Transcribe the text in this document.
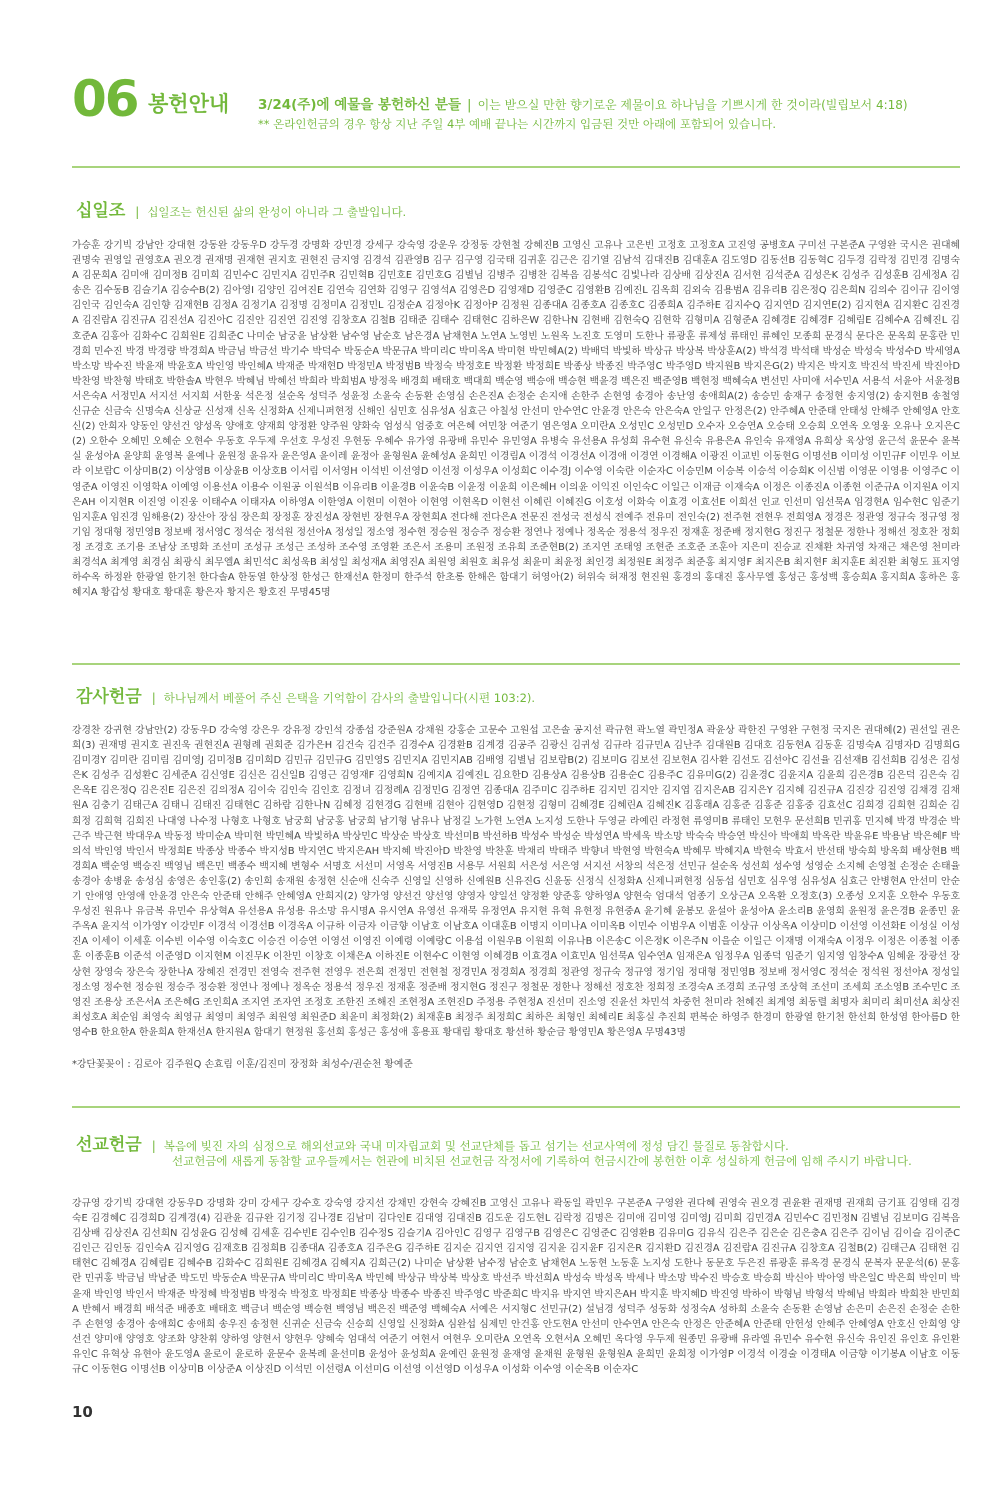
06 봉헌안내 3/24(주)에 예물을 봉헌하신 분들 | 이는 받으실 만한 향기로운 제물이요 하나님을 기쁘시게 한 것이라(빌립보서 4:18)
** 온라인헌금의 경우 항상 지난 주일 4부 예배 끝나는 시간까지 입금된 것만 아래에 포함되어 있습니다.
십일조 | 십일조는 헌신된 삶의 완성이 아니라 그 출발입니다.
가승훈 강기빅 강남안 강대현 강동완 강동우D 강두경 강명화 강민경 강세구 강숙영 강운우 강정동 강현철 강혜진B 고영신 고유나 고은빈 고정호 고정호A 고진영 공병호A 구미선 구본준A 구영완 국시은 권대혜 권명숙 권영일 권영호A 권오경 권재명 권재현 권지호 권현진 금지영 김경석 김관영B 김구 김구영 김국태 김귀훈 김근은 김기열 김남석 김대진B 김대훈A 김도영D 김동선B 김동혁C 김두경 김락정 김민경 김명숙A 김문희A 김미애 김미정B 김미희 김민수C 김민지A 김민주R 김민혁B 김민호E 김민호G 김별님 김병주 김병찬 김복음 김봉석C 김빛나라 김상배 김상진A 김서현 김석준A 김성은K 김성주 김성훈B 김세정A 김송은 김수동B 김슬기A 김승수B(2) 김아영I 김양인 김여진E 김연숙 김연화 김영구 김영석A 김영은D 김영재D 김영준C 김영환B 김예진L 김옥희 김외숙 김용범A 김유리B 김은정Q 김은희N 김의수 김이규 김이영 김인국 김인숙A 김인향 김재현B 김정A 김정기A 김정명 김정미A 김정민L 김정순A 김정아K 김정아P 김정원 김종대A 김종호A 김종호C 김종희A 김주하E 김지수Q 김지연D 김지연E(2) 김지현A 김지환C 김진경A 김진람A 김진규A 김진선A 김진아C 김진안 김진연 김진영 김창호A 김철B 김태준 김태수 김태현C 김하은W 김한나N 김현배 김현숙Q 김현학 김형미A 김형준A 김혜경E 김혜경F 김혜림E 김혜수A 김혜진L 김호준A 김홍아 김화수C 김희원E 김희준C 나미순 남궁윤 남상환 남수영 남순호 남은경A 남채현A 노연A 노영빈 노원옥 노진호 도영미 도한나 류광훈 류제성 류태인 류혜인 모종희 문경식 문다은 문옥희 문홍란 민경희 민수진 박경 박경량 박경희A 박금님 박금선 박기수 박덕수 박동순A 박문규A 박미리C 박미옥A 박미현 박민혜A(2) 박배덕 박빛하 박상규 박상복 박상훈A(2) 박석경 박석태 박성순 박성숙 박성수D 박세영A 박소망 박수진 박윤재 박윤호A 박인영 박인혜A 박재준 박재현D 박정민A 박정범B 박정숙 박정호E 박정환 박정희E 박종상 박종진 박주영C 박주영D 박지원B 박지은G(2) 박지은 박지호 박진석 박진세 박진아D 박찬영 박찬형 박태호 박한솔A 박현우 박혜님 박혜선 박희라 박희범A 방정욱 배경희 배태호 백대희 백순영 백승애 백승현 백윤경 백은진 백준영B 백현정 백혜숙A 변선민 사미애 서수민A 서용석 서윤아 서윤정B 서은숙A 서정민A 서지선 서지희 서한웅 석은정 설순옥 성덕주 성윤정 소윤숙 손동환 손영심 손은진A 손정순 손지애 손한주 손현영 송경아 송난영 송애희A(2) 송승민 송재구 송정현 송지영(2) 송지현B 송철영 신규순 신금숙 신명숙A 신상균 신성재 신옥 신정화A 신제니퍼현정 신해인 심민호 심유성A 심효근 아칠성 안선미 안수연C 안윤경 안은숙 안은숙A 안일구 안정은(2) 안주혜A 안준태 안태성 안해주 안혜영A 안호신(2) 안희자 양동인 양선건 양성옥 양애호 양재희 양정환 양주원 양화숙 엄성식 엄중호 여은혜 여민창 여준기 염은영A 오미란A 오성민C 오성민D 오수자 오승연A 오승태 오승희 오연옥 오영웅 오유나 오지은C(2) 오한수 오혜민 오혜순 오현수 우동호 우두제 우선호 우성진 우현동 우혜수 유가영 유광배 유민수 유민영A 유병숙 유선용A 유성희 유수현 유신숙 유용은A 유인숙 유재영A 유희상 육상영 윤근석 윤문수 윤복실 윤성아A 윤양희 윤영복 윤예나 윤원정 윤유자 윤은영A 윤이레 윤정아 윤형원A 윤혜성A 윤희민 이경림A 이경석 이경선A 이경애 이경연 이경해A 이광진 이교빈 이동현G 이명선B 이미성 이민규F 이민우 이보라 이보람C 이상미B(2) 이상영B 이상윤B 이상호B 이서림 이서영H 이석빈 이선영D 이선정 이성우A 이성희C 이수경J 이수영 이숙란 이순자C 이승민M 이승복 이승석 이승희K 이신범 이영문 이영용 이영주C 이영준A 이영진 이영학A 이예영 이용선A 이용수 이원공 이원석B 이유리B 이윤경B 이윤숙B 이윤정 이윤희 이은혜H 이의윤 이익진 이인숙C 이일근 이재금 이재숙A 이정은 이종진A 이종현 이준규A 이지원A 이지은AH 이지현R 이진영 이진웅 이태수A 이태자A 이하영A 이한영A 이현미 이현아 이현영 이현옥D 이현선 이혜린 이혜진G 이호성 이화숙 이효경 이효선E 이희선 인교 인선미 임선묵A 임경현A 임수현C 임준기 임지훈A 임진경 임해용(2) 장산아 장심 장은희 장정훈 장진성A 장현빈 장현우A 장현희A 전다해 전다은A 전문진 전성국 전성식 전예주 전유미 전인숙(2) 전주현 전현우 전희영A 정경은 정관영 정규숙 정규영 정기임 정대형 정민영B 정보배 정서영C 정석순 정석원 정선아A 정성일 정소영 정수현 정승원 정승주 정승환 정연나 정예나 정옥순 정용석 정우진 정재훈 정준배 정지현G 정진구 정철문 정한나 정해선 정호찬 정회정 조경호 조기용 조남상 조명화 조선미 조성규 조성근 조성하 조수영 조영환 조은서 조용미 조원정 조유희 조준현B(2) 조지연 조태영 조현준 조호준 조훈아 지은미 진승교 진채환 차귀영 차재근 채은영 천미라 최경석A 최계영 최경심 최광식 최무엘A 최민석C 최성욱B 최성일 최성재A 최영진A 최원영 최원호 최유성 최윤미 최윤정 최인경 최정원E 최정주 최준홍 최지영F 최지은B 최지현F 최지훈E 최진환 최형도 표지영 하수옥 하정완 한광열 한기천 한다솔A 한동열 한상정 한성근 한재선A 한정미 한주석 한초롱 한해은 함대기 허영아(2) 허위숙 허재정 현진원 홍경의 홍대진 홍사무엘 홍성근 홍성백 홍승희A 홍지희A 홍하은 홍혜지A 황갑성 황대호 황대훈 황은자 황지은 황호진 무명45명
감사헌금 | 하나님께서 베풀어 주신 은택을 기억함이 감사의 출발입니다(시편 103:2).
강경찬 강귀현 강남안(2) 강동우D 강숙영 강은우 강유정 강인석 강종섭 강준원A 강채원 강홍순 고문수 고원섭 고은솔 공지선 곽규현 곽노열 곽민정A 곽윤상 곽한진 구영완 구현정 국지은 권대혜(2) 권선일 권은희(3) 권재명 권지호 권진욱 권현진A 권형례 권회준 김가은H 김건숙 김건주 김경수A 김경환B 김계경 김공주 김광신 김귀성 김규라 김규민A 김난주 김대원B 김대호 김동현A 김동훈 김명숙A 김명자D 김명희G 김미경Y 김미란 김미림 김미영J 김미정B 김미희D 김민규 김민규G 김민영S 김민지A 김민지AB 김배영 김별님 김보람B(2) 김보미G 김보선 김보현A 김사환 김선도 김선아C 김선율 김선재B 김선희B 김성은 김성은K 김성주 김성환C 김세준A 김신영E 김신은 김신일B 김영근 김영재F 김영희N 김예지A 김예진L 김요한D 김용상A 김용상B 김용순C 김용주C 김유미G(2) 김윤경C 김윤지A 김윤희 김은경B 김은덕 김은숙 김은옥E 김은정Q 김은진E 김은진 김의정A 김이숙 김인숙 김인호 김정녀 김정례A 김정민G 김정연 김종대A 김주미C 김주하E 김지민 김지안 김지엽 김지은AB 김지은Y 김지혜 김진규A 김진강 김진영 김채경 김채원A 김충기 김태근A 김태니 김태진 김태현C 김하람 김한나N 김혜정 김현경G 김현배 김현아 김현영D 김현정 김형미 김혜경E 김혜린A 김혜진K 김홍래A 김홍준 김홍준 김홍중 김효선C 김희경 김희현 김희순 김희정 김희혁 김희진 나대영 나수정 나형호 나형호 남궁희 남궁홍 남궁희 남기형 남유나 남정길 노가현 노연A 노지성 도한나 두영균 라예린 라정현 류영미B 류태인 모현우 문선희B 민귀홍 민지혜 박경 박경순 박근주 박근현 박대우A 박동정 박미순A 박미현 박민혜A 박빛하A 박상민C 박상순 박상호 박선미B 박선하B 박성수 박성순 박성연A 박세욱 박소망 박숙숙 박승연 박신아 박애희 박옥란 박윤유E 박용남 박은혜F 박의석 박인영 박인서 박정희E 박종상 박종수 박지성B 박지연C 박지은AH 박지혜 박진아D 박찬영 박찬훈 박채리 박태주 박향녀 박현영 박현숙A 박혜무 박혜지A 박현숙 박효서 반선태 방숙희 방옥희 배상현B 백경희A 백순영 백승진 백영님 백은민 백종수 백지혜 변형수 서명호 서선미 서영옥 서영진B 서용무 서원희 서은성 서은영 서지선 서창의 석은정 선민규 설순옥 성선희 성수영 성영순 소지혜 손영철 손정순 손태율 송경아 송병윤 송성심 송영은 송인홍(2) 송인희 송재원 송정현 신순애 신숙주 신영일 신영하 신예원B 신유진G 신윤동 신정식 신정화A 신제니퍼현정 심동섭 심민호 심우영 심유성A 심효근 안병현A 안선미 안순기 안애영 안영애 안윤경 안은숙 안준태 안해주 안혜영A 안희지(2) 양가영 양선건 양선영 양영자 양일선 양정환 양준홍 양하영A 양현숙 엄대석 엄종기 오상근A 오옥환 오정호(3) 오종성 오지훈 오한수 우동호 우성진 원유나 유금복 유민수 유상혁A 유선용A 유성용 유소망 유시명A 유시연A 유영선 유재묵 유정연A 유지현 유혁 유현정 유현중A 윤기혜 윤봉모 윤설아 윤성아A 윤소리B 윤영희 윤원정 윤은경B 윤종민 윤주옥A 윤지석 이가영Y 이강민F 이경석 이경선B 이경옥A 이규하 이금자 이금향 이남호 이남호A 이대훈B 이명지 이미나A 이미옥B 이민수 이범우A 이범훈 이상규 이상옥A 이상미D 이선영 이선화E 이성실 이성진A 이세이 이세훈 이수빈 이수영 이숙호C 이승건 이승연 이영선 이영진 이예령 이예랑C 이용섭 이원우B 이원희 이유나B 이은송C 이은정K 이은주N 이을순 이일근 이재명 이재숙A 이정우 이정은 이종철 이종훈 이종훈B 이준석 이준영D 이지현M 이진무K 이찬민 이창호 이채은A 이하진E 이현수C 이현영 이혜경B 이효경A 이효민A 임선묵A 임수연A 임재은A 임정우A 임종덕 임준기 임지영 임창수A 임혜윤 장광선 장상현 장영숙 장은숙 장한나A 장혜진 전경민 전영숙 전주현 전영우 전은희 전정민 전현철 정경민A 정경희A 정경희 정관영 정규숙 정규영 정기임 정대형 정민영B 정보배 정서영C 정석순 정석원 정선아A 정성일 정소영 정수현 정승원 정승주 정승환 정연나 정예나 정옥순 정용석 정우진 정재훈 정준배 정지현G 정진구 정철문 정한나 정해선 정호찬 정희정 조경숙A 조경희 조규영 조상혁 조선미 조세희 조소영B 조수민C 조영진 조용상 조은서A 조은혜G 조인희A 조지연 조자연 조정호 조한진 조해진 조현정A 조현진D 주정용 주현정A 진선미 진소영 진윤선 차민석 차중헌 천미라 천혜진 최계영 최동렬 최명자 최미리 최미선A 최상진 최성호A 최순임 최영숙 최영규 최영미 최영주 최원영 최원준D 최윤미 최정화(2) 최재훈B 최정주 최정희C 최하은 최형인 최혜리E 최홍실 추진희 편복순 하영주 한경미 한광열 한기천 한선희 한성염 한아름D 한영수B 한요한A 한윤희A 한재선A 한지원A 함대기 현정원 홍선희 홍성근 홍성애 홍용표 황대림 황대호 황선하 황순금 황영민A 황은영A 무명43명
*강단꽃꽂이 : 김로아 김주원Q 손효림 이훈/김진미 장정화 최성수/권순천 황예준
선교헌금 | 복음에 빚진 자의 심정으로 해외선교와 국내 미자립교회 및 선교단체를 돕고 섬기는 선교사역에 정성 담긴 물질로 동참합시다.
선교헌금에 새롭게 동참할 교우들께서는 헌관에 비치된 선교헌금 작정서에 기록하여 헌금시간에 봉헌한 이후 성실하게 헌금에 임해 주시기 바랍니다.
강규영 강기빅 강대현 강동우D 강명화 강미 강세구 강수호 강숙영 강지선 강채민 강현숙 강혜진B 고영신 고유나 곽동일 곽민우 구본준A 구영완 권다혜 권영숙 권오경 권윤환 권재명 권재희 금기표 김영태 김경숙E 김경혜C 김경희D 김계경(4) 김관윤 김규완 김기정 김나경E 김남미 김다인E 김대영 김대진B 김도운 김도현L 김락정 김명은 김미애 김미영 김미영J 김미희 김민경A 김민수C 김민정N 김별님 김보미G 김복음 김상배 김상진A 김선희N 김성윤G 김성혜 김세훈 김수빈E 김수인B 김수정S 김슬기A 김아인C 김영구 김영구B 김영은C 김영준C 김영환B 김유미G 김유식 김은주 김은순 김은충A 김은주 김이님 김이슬 김이준C 김인근 김인동 김인숙A 김지영G 김재호B 김정희B 김종대A 김종호A 김주은G 김주하E 김지순 김지연 김지영 김지윤 김지윤F 김지은R 김지환D 김진경A 김진람A 김진규A 김창호A 김철B(2) 김태근A 김태현 김태현C 김혜경A 김혜림E 김혜수B 김화수C 김희원E 김혜경A 김혜지A 김희근(2) 나미순 남상환 남수정 남순호 남채현A 노동현 노동훈 노지성 도한나 동문호 두은진 류광훈 류옥경 문경식 문복자 문운석(6) 문홍란 민귀홍 박금님 박남준 박도민 박동순A 박문규A 박미리C 박미옥A 박민혜 박상규 박상복 박상호 박선주 박선희A 박성숙 박성옥 박세나 박소망 박수진 박승호 박승희 박신아 박아영 박은일C 박은희 박인미 박윤재 박인영 박인서 박재준 박정혜 박정범B 박정숙 박정호 박정희E 박종상 박종수 박종진 박주영C 박준희C 박지유 박지연 박지은AH 박지훈 박지혜D 박진영 박하이 박형님 박형석 박혜님 박희라 박희찬 반민희A 반혜서 배경희 배석준 배종호 배태호 백금녀 백순영 백승현 백영님 백은진 백준영 백혜숙A 서예은 서지형C 선민규(2) 설님경 성덕주 성동화 성정숙A 성하희 소윤숙 손동환 손영남 손은미 손은진 손정순 손한주 손현영 송경아 송애희C 송애희 송우진 송정현 신귀순 신금숙 신승희 신영일 신정화A 심완섭 심제민 안건홍 안도현A 안선미 안수연A 안은숙 안정은 안준혜A 안준태 안헌성 안혜주 안혜영A 안호신 안희영 양선건 양미애 양영호 양조화 양찬휘 양하영 양현서 양현우 양혜숙 엄대석 여준기 여현서 여현우 오미란A 오연옥 오현서A 오혜민 옥다영 우두제 원종민 유광배 유라엘 유민수 유수현 유신숙 유인진 유인호 유인환 유인C 유혁상 유현아 윤도영A 윤로이 윤로하 윤문수 윤복례 윤선미B 윤성아 윤성희A 윤예린 윤원정 윤재영 윤채원 윤형원 윤형원A 윤희민 윤희정 이가영P 이경석 이경술 이경태A 이금향 이기봉A 이남호 이동규C 이동현G 이명선B 이상미B 이상준A 이상진D 이석민 이선령A 이선미G 이선영 이선영D 이성우A 이성화 이수영 이순옥B 이순자C
10
